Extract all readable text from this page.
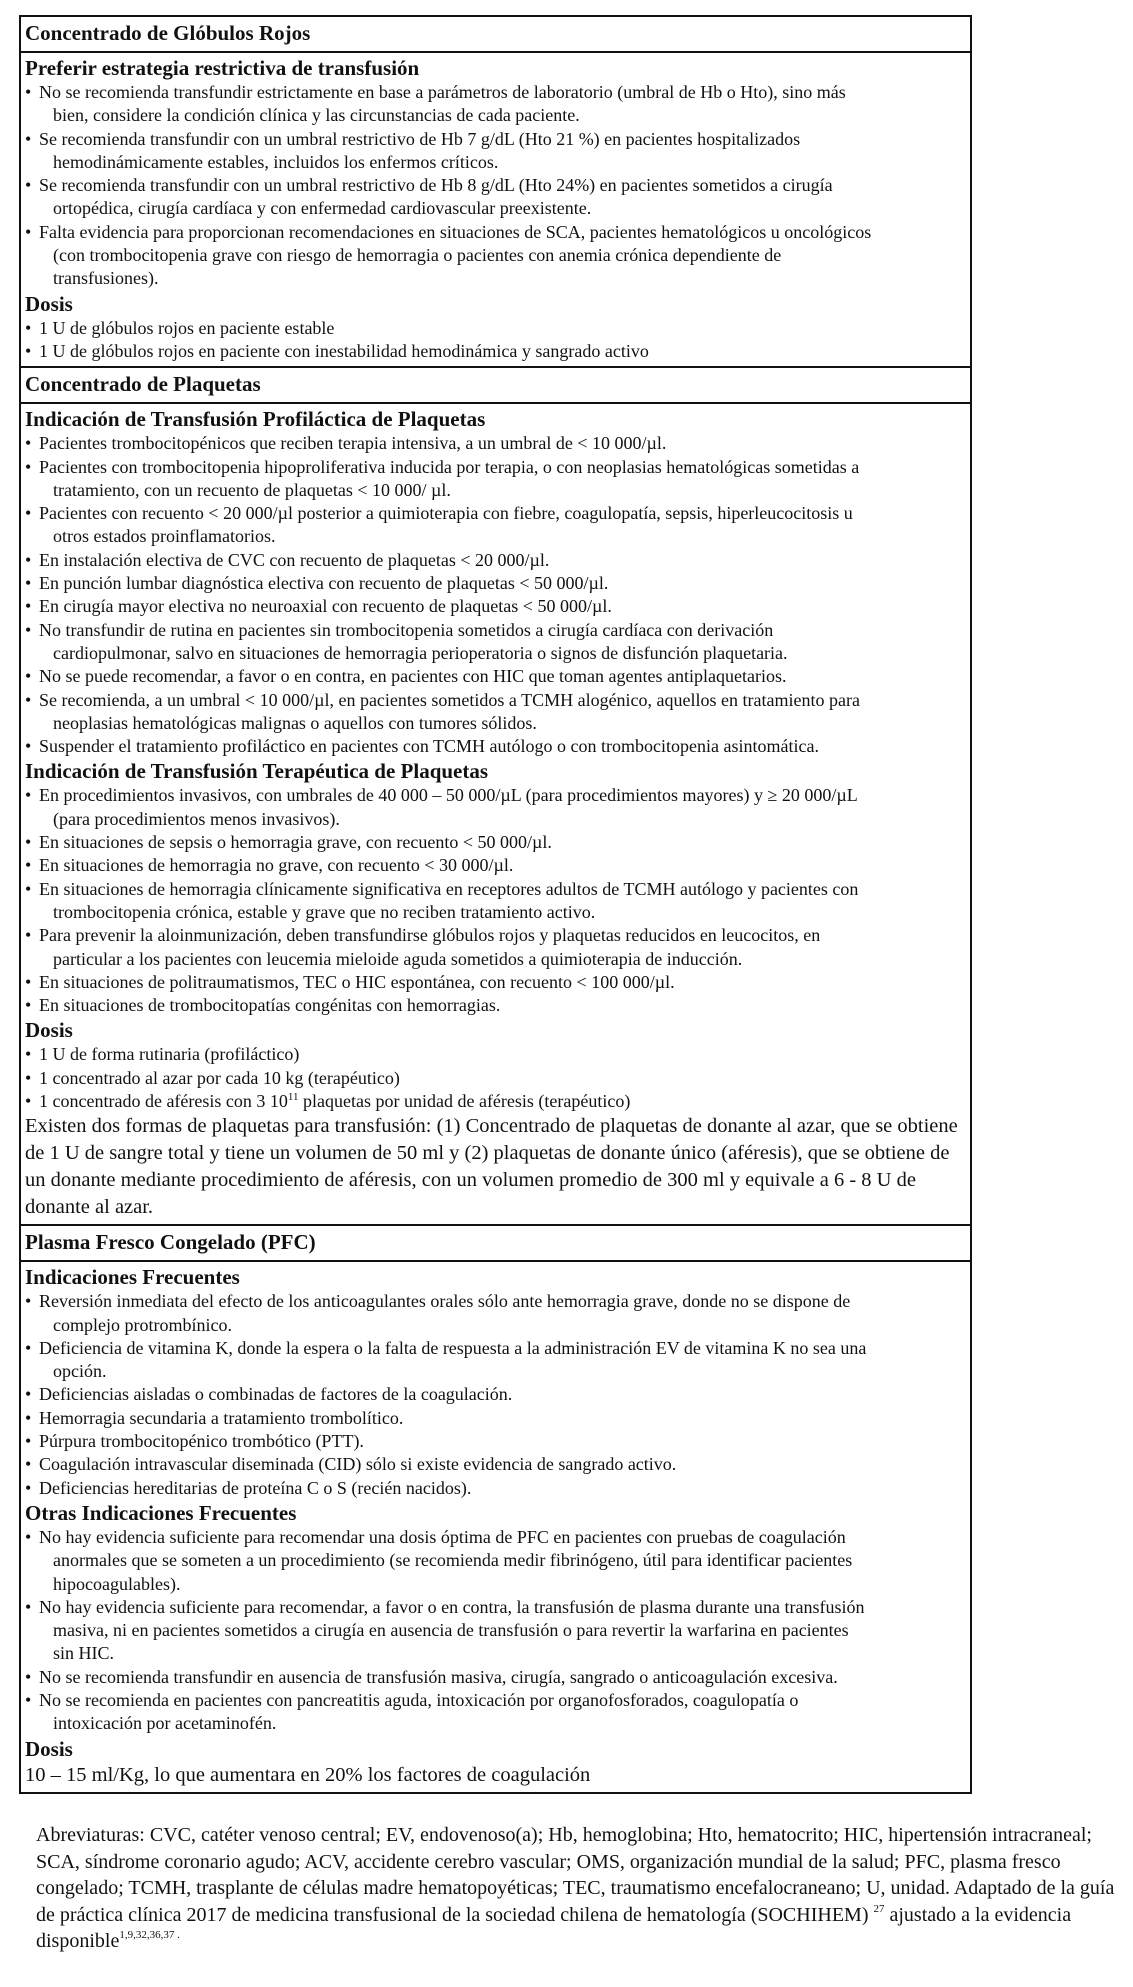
Concentrado de Glóbulos Rojos

Preferir estrategia restrictiva de transfusión
• No se recomienda transfundir estrictamente en base a parámetros de laboratorio (umbral de Hb o Hto), sino más
bien, considere la condición clínica y las circunstancias de cada paciente.
• Se recomienda transfundir con un umbral restrictivo de Hb 7 g/dL (Hto 21 %) en pacientes hospitalizados
hemodinámicamente estables, incluidos los enfermos críticos.
• Se recomienda transfundir con un umbral restrictivo de Hb 8 g/dL (Hto 24%) en pacientes sometidos a cirugía
ortopédica, cirugía cardíaca y con enfermedad cardiovascular preexistente.
• Falta evidencia para proporcionan recomendaciones en situaciones de SCA, pacientes hematológicos u oncológicos
(con trombocitopenia grave con riesgo de hemorragia o pacientes con anemia crónica dependiente de
transfusiones).
Dosis
• 1 U de glóbulos rojos en paciente estable
• 1 U de glóbulos rojos en paciente con inestabilidad hemodinámica y sangrado activo

Concentrado de Plaquetas

Indicación de Transfusión Profiláctica de Plaquetas
• Pacientes trombocitopénicos que reciben terapia intensiva, a un umbral de < 10 000/µl.
• Pacientes con trombocitopenia hipoproliferativa inducida por terapia, o con neoplasias hematológicas sometidas a
tratamiento, con un recuento de plaquetas < 10 000/ µl.
• Pacientes con recuento < 20 000/µl posterior a quimioterapia con fiebre, coagulopatía, sepsis, hiperleucocitosis u
otros estados proinflamatorios.
• En instalación electiva de CVC con recuento de plaquetas < 20 000/µl.
• En punción lumbar diagnóstica electiva con recuento de plaquetas < 50 000/µl.
• En cirugía mayor electiva no neuroaxial con recuento de plaquetas < 50 000/µl.
• No transfundir de rutina en pacientes sin trombocitopenia sometidos a cirugía cardíaca con derivación
cardiopulmonar, salvo en situaciones de hemorragia perioperatoria o signos de disfunción plaquetaria.
• No se puede recomendar, a favor o en contra, en pacientes con HIC que toman agentes antiplaquetarios.
• Se recomienda, a un umbral < 10 000/µl, en pacientes sometidos a TCMH alogénico, aquellos en tratamiento para
neoplasias hematológicas malignas o aquellos con tumores sólidos.
• Suspender el tratamiento profiláctico en pacientes con TCMH autólogo o con trombocitopenia asintomática.
Indicación de Transfusión Terapéutica de Plaquetas
• En procedimientos invasivos, con umbrales de 40 000 – 50 000/µL (para procedimientos mayores) y ≥ 20 000/µL
(para procedimientos menos invasivos).
• En situaciones de sepsis o hemorragia grave, con recuento < 50 000/µl.
• En situaciones de hemorragia no grave, con recuento < 30 000/µl.
• En situaciones de hemorragia clínicamente significativa en receptores adultos de TCMH autólogo y pacientes con
trombocitopenia crónica, estable y grave que no reciben tratamiento activo.
• Para prevenir la aloinmunización, deben transfundirse glóbulos rojos y plaquetas reducidos en leucocitos, en
particular a los pacientes con leucemia mieloide aguda sometidos a quimioterapia de inducción.
• En situaciones de politraumatismos, TEC o HIC espontánea, con recuento < 100 000/µl.
• En situaciones de trombocitopatías congénitas con hemorragias.
Dosis
• 1 U de forma rutinaria (profiláctico)
• 1 concentrado al azar por cada 10 kg (terapéutico)
• 1 concentrado de aféresis con 3 $10^{11}$ plaquetas por unidad de aféresis (terapéutico)
Existen dos formas de plaquetas para transfusión: (1) Concentrado de plaquetas de donante al azar, que se obtiene de 1 U de sangre total y tiene un volumen de 50 ml y (2) plaquetas de donante único (aféresis), que se obtiene de un donante mediante procedimiento de aféresis, con un volumen promedio de 300 ml y equivale a 6 - 8 U de donante al azar.

Plasma Fresco Congelado (PFC)

Indicaciones Frecuentes
• Reversión inmediata del efecto de los anticoagulantes orales sólo ante hemorragia grave, donde no se dispone de
complejo protrombínico.
• Deficiencia de vitamina K, donde la espera o la falta de respuesta a la administración EV de vitamina K no sea una
opción.
• Deficiencias aisladas o combinadas de factores de la coagulación.
• Hemorragia secundaria a tratamiento trombolítico.
• Púrpura trombocitopénico trombótico (PTT).
• Coagulación intravascular diseminada (CID) sólo si existe evidencia de sangrado activo.
• Deficiencias hereditarias de proteína C o S (recién nacidos).
Otras Indicaciones Frecuentes
• No hay evidencia suficiente para recomendar una dosis óptima de PFC en pacientes con pruebas de coagulación
anormales que se someten a un procedimiento (se recomienda medir fibrinógeno, útil para identificar pacientes
hipocoagulables).
• No hay evidencia suficiente para recomendar, a favor o en contra, la transfusión de plasma durante una transfusión
masiva, ni en pacientes sometidos a cirugía en ausencia de transfusión o para revertir la warfarina en pacientes
sin HIC.
• No se recomienda transfundir en ausencia de transfusión masiva, cirugía, sangrado o anticoagulación excesiva.
• No se recomienda en pacientes con pancreatitis aguda, intoxicación por organofosforados, coagulopatía o
intoxicación por acetaminofén.
Dosis
10 – 15 ml/Kg, lo que aumentara en 20% los factores de coagulación
Abreviaturas: CVC, catéter venoso central; EV, endovenoso(a); Hb, hemoglobina; Hto, hematocrito; HIC, hipertensión intracraneal; SCA, síndrome coronario agudo; ACV, accidente cerebro vascular; OMS, organización mundial de la salud; PFC, plasma fresco congelado; TCMH, trasplante de células madre hematopoyéticas; TEC, traumatismo encefalocraneano; U, unidad. Adaptado de la guía de práctica clínica 2017 de medicina transfusional de la sociedad chilena de hematología (SOCHIHEM) $^{27}$ ajustado a la evidencia disponible$^{1,9,32,36,37 .}$
